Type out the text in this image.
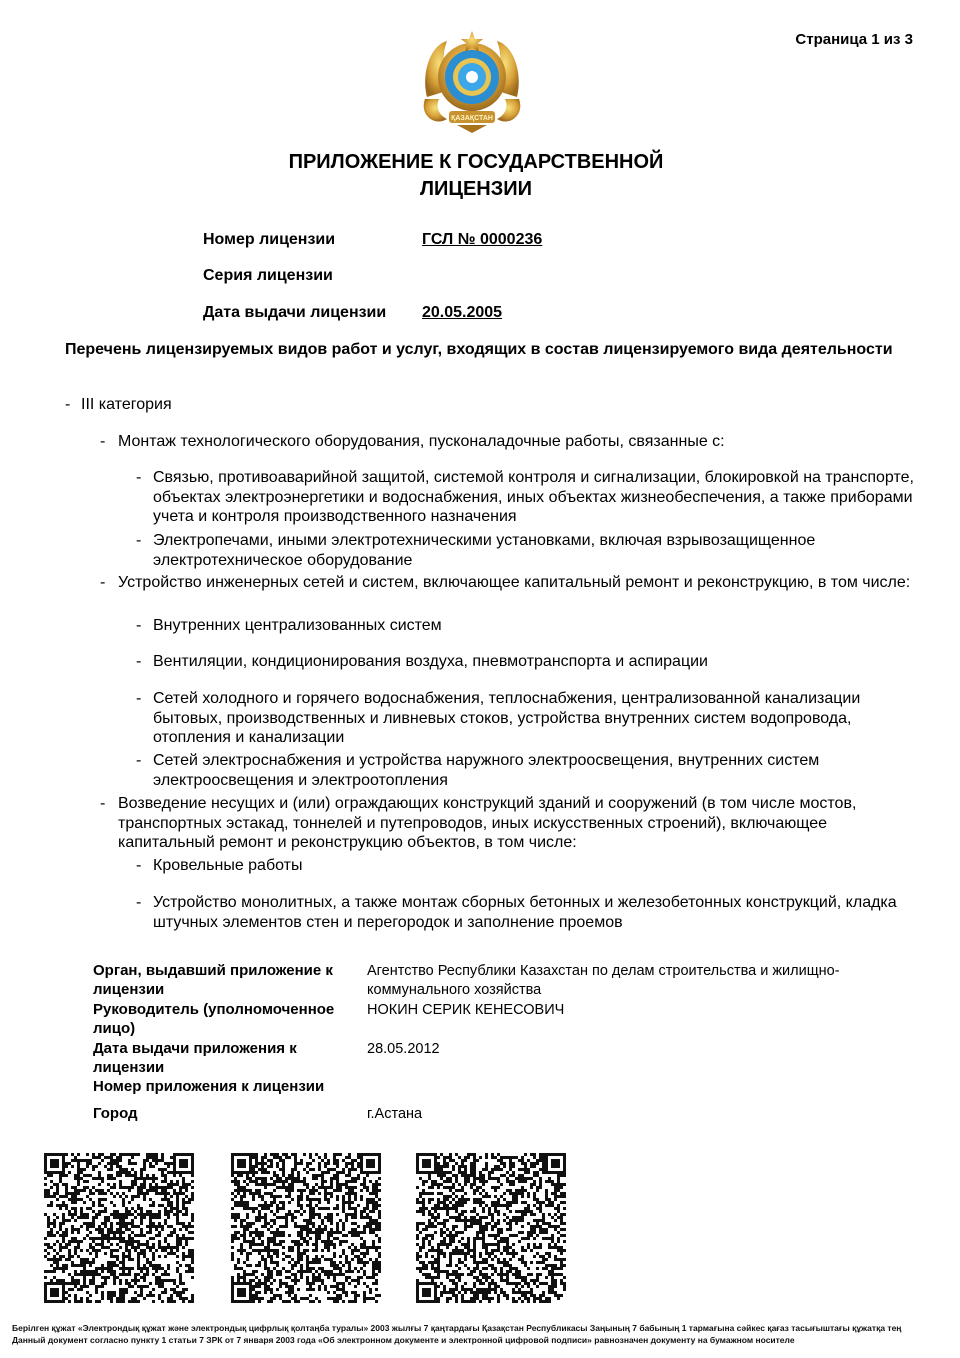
Страница 1 из 3
ҚАЗАҚСТАН
ПРИЛОЖЕНИЕ К ГОСУДАРСТВЕННОЙ
ЛИЦЕНЗИИ
Номер лицензии	ГСЛ № 0000236
Серия лицензии
Дата выдачи лицензии 20.05.2005
Перечень лицензируемых видов работ и услуг, входящих в состав лицензируемого вида деятельности
- III категория
- Монтаж технологического оборудования, пусконаладочные работы, связанные с:
- Связью, противоаварийной защитой, системой контроля и сигнализации, блокировкой на транспорте, объектах электроэнергетики и водоснабжения, иных объектах жизнеобеспечения, а также приборами учета и контроля производственного назначения
- Электропечами, иными электротехническими установками, включая взрывозащищенное электротехническое оборудование
- Устройство инженерных сетей и систем, включающее капитальный ремонт и реконструкцию, в том числе:
- Внутренних централизованных систем
- Вентиляции, кондиционирования воздуха, пневмотранспорта и аспирации
- Сетей холодного и горячего водоснабжения, теплоснабжения, централизованной канализации бытовых, производственных и ливневых стоков, устройства внутренних систем водопровода, отопления и канализации
- Сетей электроснабжения и устройства наружного электроосвещения, внутренних систем электроосвещения и электроотопления
- Возведение несущих и (или) ограждающих конструкций зданий и сооружений (в том числе мостов, транспортных эстакад, тоннелей и путепроводов, иных искусственных строений), включающее капитальный ремонт и реконструкцию объектов, в том числе:
- Кровельные работы
- Устройство монолитных, а также монтаж сборных бетонных и железобетонных конструкций, кладка штучных элементов стен и перегородок и заполнение проемов
Орган, выдавший приложение к лицензии
Агентство Республики Казахстан по делам строительства и жилищно-коммунального хозяйства
Руководитель (уполномоченное лицо)
НОКИН СЕРИК КЕНЕСОВИЧ
Дата выдачи приложения к лицензии
28.05.2012
Номер приложения к лицензии
Город	г.Астана
Берілген құжат «Электрондық құжат және электрондық цифрлық қолтаңба туралы» 2003 жылғы 7 қаңтардағы Қазақстан Республикасы Заңының 7 бабының 1 тармағына сәйкес қағаз тасығыштағы құжатқа тең
Данный документ согласно пункту 1 статьи 7 ЗРК от 7 января 2003 года «Об электронном документе и электронной цифровой подписи» равнозначен документу на бумажном носителе
